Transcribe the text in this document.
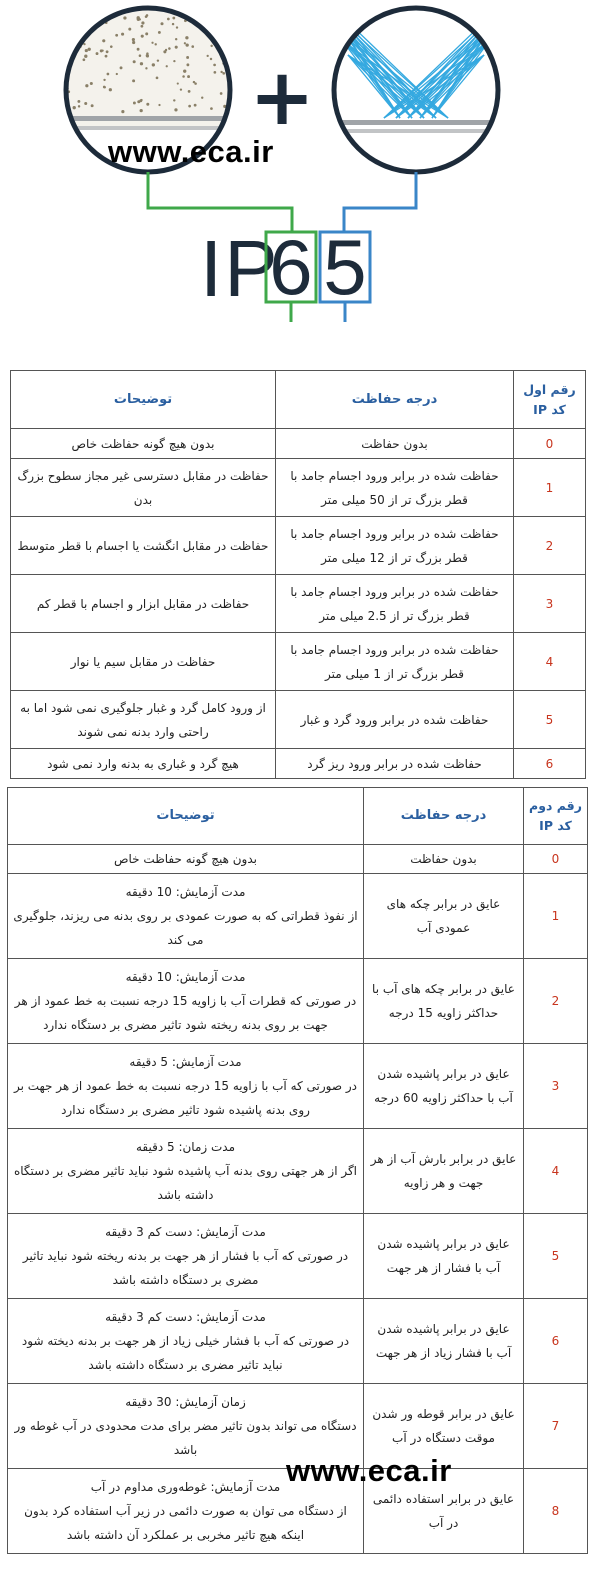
+
IP
6 5
www.eca.ir
رقم اول کد IP	درجه حفاظت	توضیحات
0	بدون حفاظت	بدون هیچ گونه حفاظت خاص
1	حفاظت شده در برابر ورود اجسام جامد با قطر بزرگ تر از 50 میلی متر	حفاظت در مقابل دسترسی غیر مجاز سطوح بزرگ بدن
2	حفاظت شده در برابر ورود اجسام جامد با قطر بزرگ تر از 12 میلی متر	حفاظت در مقابل انگشت یا اجسام با قطر متوسط
3	حفاظت شده در برابر ورود اجسام جامد با قطر بزرگ تر از 2.5 میلی متر	حفاظت در مقابل ابزار و اجسام با قطر کم
4	حفاظت شده در برابر ورود اجسام جامد با قطر بزرگ تر از 1 میلی متر	حفاظت در مقابل سیم یا نوار
5	حفاظت شده در برابر ورود گرد و غبار	از ورود کامل گرد و غبار جلوگیری نمی شود اما به راحتی وارد بدنه نمی شوند
6	حفاظت شده در برابر ورود ریز گرد	هیچ گرد و غباری به بدنه وارد نمی شود
رقم دوم کد IP	درجه حفاظت	توضیحات
0	بدون حفاظت	بدون هیچ گونه حفاظت خاص
1	عایق در برابر چکه های عمودی آب	مدت آزمایش: 10 دقیقه
از نفوذ قطراتی که به صورت عمودی بر روی بدنه می ریزند، جلوگیری می کند
2	عایق در برابر چکه های آب با حداکثر زاویه 15 درجه	مدت آزمایش: 10 دقیقه
در صورتی که قطرات آب با زاویه 15 درجه نسبت به خط عمود از هر جهت بر روی بدنه ریخته شود تاثیر مضری بر دستگاه ندارد
3	عایق در برابر پاشیده شدن آب با حداکثر زاویه 60 درجه	مدت آزمایش: 5 دقیقه
در صورتی که آب با زاویه 15 درجه نسبت به خط عمود از هر جهت بر روی بدنه پاشیده شود تاثیر مضری بر دستگاه ندارد
4	عایق در برابر بارش آب از هر جهت و هر زاویه	مدت زمان: 5 دقیقه
اگر از هر جهتی روی بدنه آب پاشیده شود نباید تاثیر مضری بر دستگاه داشته باشد
5	عایق در برابر پاشیده شدن آب با فشار از هر جهت	مدت آزمایش: دست کم 3 دقیقه
در صورتی که آب با فشار از هر جهت بر بدنه ریخته شود نباید تاثیر مضری بر دستگاه داشته باشد
6	عایق در برابر پاشیده شدن آب با فشار زیاد از هر جهت	مدت آزمایش: دست کم 3 دقیقه
در صورتی که آب با فشار خیلی زیاد از هر جهت بر بدنه دیخته شود نباید تاثیر مضری بر دستگاه داشته باشد
7	عایق در برابر قوطه ور شدن موقت دستگاه در آب	زمان آزمایش: 30 دقیقه
دستگاه می تواند بدون تاثیر مضر برای مدت محدودی در آب غوطه ور باشد
8	عایق در برابر استفاده دائمی در آب	مدت آزمایش: غوطه‌وری مداوم در آب
از دستگاه می توان به صورت دائمی در زیر آب استفاده کرد بدون اینکه هیچ تاثیر مخربی بر عملکرد آن داشته باشد
www.eca.ir
